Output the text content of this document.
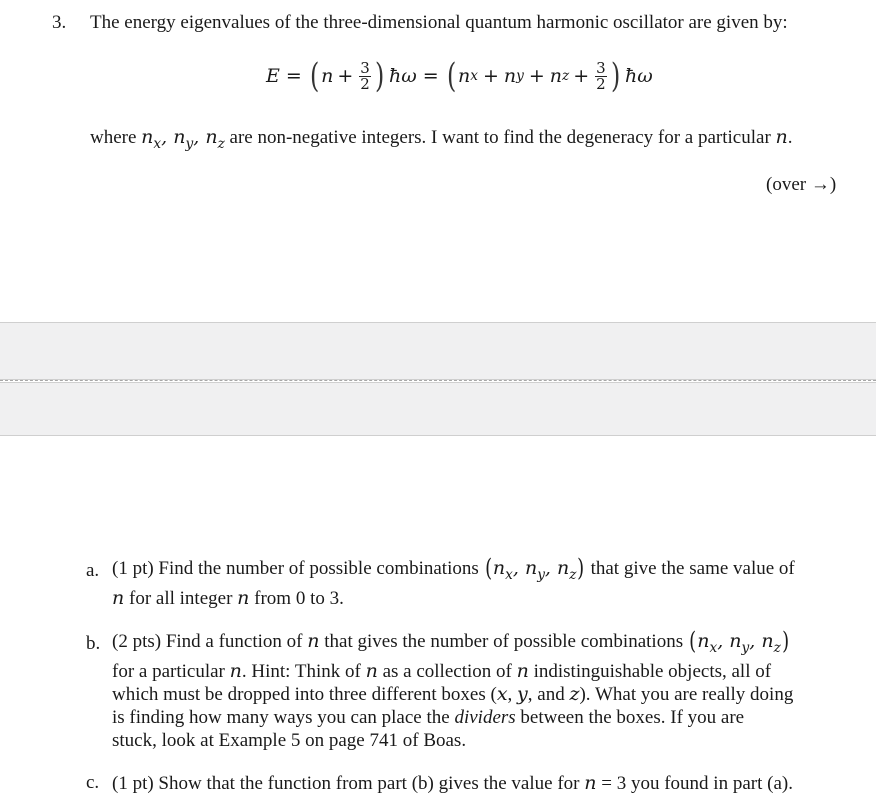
3. The energy eigenvalues of the three-dimensional quantum harmonic oscillator are given by:
E = ( $n + \frac{3}{2}$ ) ħω = ( n x + n y + n $z + \frac{3}{2}$ ) ħω
where $n_x$, $n_y$, $n_z$ are non-negative integers. I want to find the degeneracy for a particular n.
(over →)
a. (1 pt) Find the number of possible combinations ($n_x$, $n_y$, $n_z$) that give the same value of
n for all integer n from 0 to 3.
b. (2 pts) Find a function of n that gives the number of possible combinations ($n_x$, $n_y$, $n_z$)
for a particular n. Hint: Think of n as a collection of n indistinguishable objects, all of
which must be dropped into three different boxes (x, y, and z). What you are really doing
is finding how many ways you can place the dividers between the boxes. If you are
stuck, look at Example 5 on page 741 of Boas.
c. (1 pt) Show that the function from part (b) gives the value for n = 3 you found in part (a).
